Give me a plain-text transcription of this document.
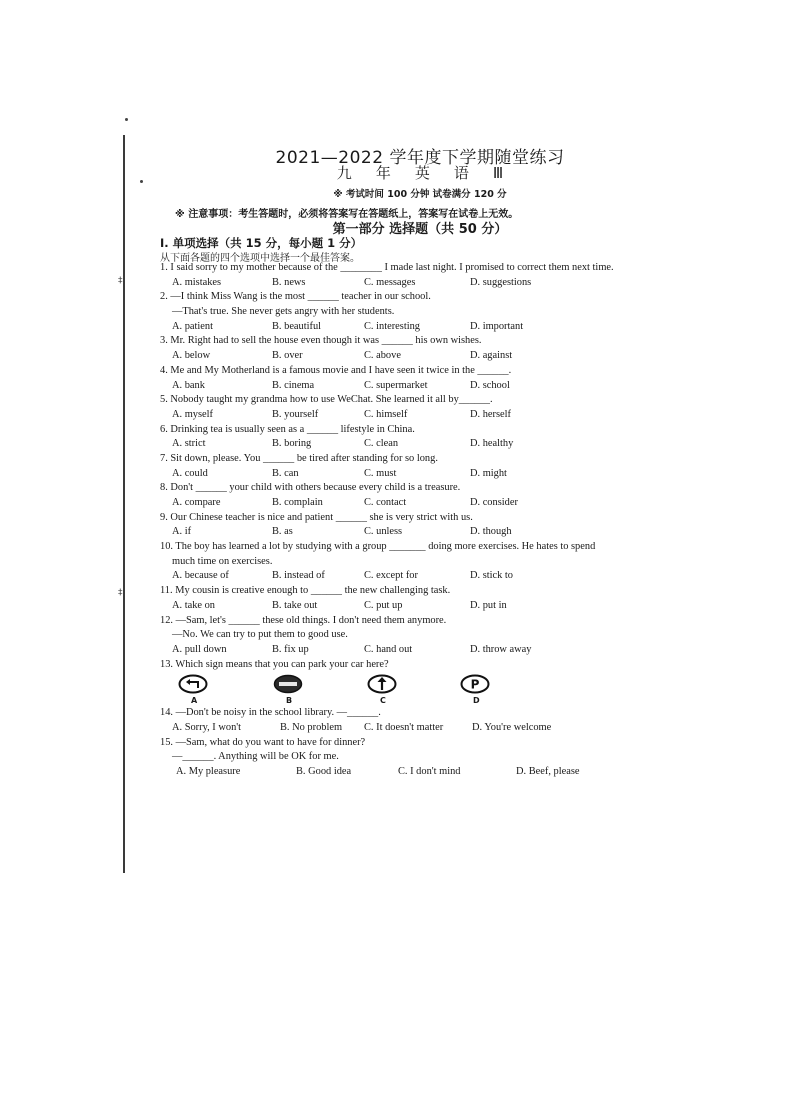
‡
‡
2021—2022 学年度下学期随堂练习
九 年 英 语 Ⅲ
※ 考试时间 100 分钟 试卷满分 120 分
※ 注意事项：考生答题时，必须将答案写在答题纸上，答案写在试卷上无效。
第一部分 选择题（共 50 分）
I. 单项选择（共 15 分，每小题 1 分）
从下面各题的四个选项中选择一个最佳答案。
1. I said sorry to my mother because of the ________ I made last night. I promised to correct them next time.
A. mistakes	B. news	C. messages	D. suggestions
2. —I think Miss Wang is the most ______ teacher in our school.
—That's true. She never gets angry with her students.
A. patient	B. beautiful	C. interesting	D. important
3. Mr. Right had to sell the house even though it was ______ his own wishes.
A. below	B. over	C. above	D. against
4. Me and My Motherland is a famous movie and I have seen it twice in the ______.
A. bank	B. cinema	C. supermarket	D. school
5. Nobody taught my grandma how to use WeChat. She learned it all by______.
A. myself	B. yourself	C. himself	D. herself
6. Drinking tea is usually seen as a ______ lifestyle in China.
A. strict	B. boring	C. clean	D. healthy
7. Sit down, please. You ______ be tired after standing for so long.
A. could	B. can	C. must	D. might
8. Don't ______ your child with others because every child is a treasure.
A. compare	B. complain	C. contact	D. consider
9. Our Chinese teacher is nice and patient ______ she is very strict with us.
A. if	B. as	C. unless	D. though
10. The boy has learned a lot by studying with a group _______ doing more exercises. He hates to spend
much time on exercises.
A. because of	B. instead of	C. except for	D. stick to
11. My cousin is creative enough to ______ the new challenging task.
A. take on	B. take out	C. put up	D. put in
12. —Sam, let's ______ these old things. I don't need them anymore.
—No. We can try to put them to good use.
A. pull down	B. fix up	C. hand out	D. throw away
13. Which sign means that you can park your car here?
A	B	C
P
D
14. —Don't be noisy in the school library. —______.
A. Sorry, I won't	B. No problem C. It doesn't matter	D. You're welcome
15. —Sam, what do you want to have for dinner?
—______. Anything will be OK for me.
A. My pleasure	B. Good idea	C. I don't mind	D. Beef, please
